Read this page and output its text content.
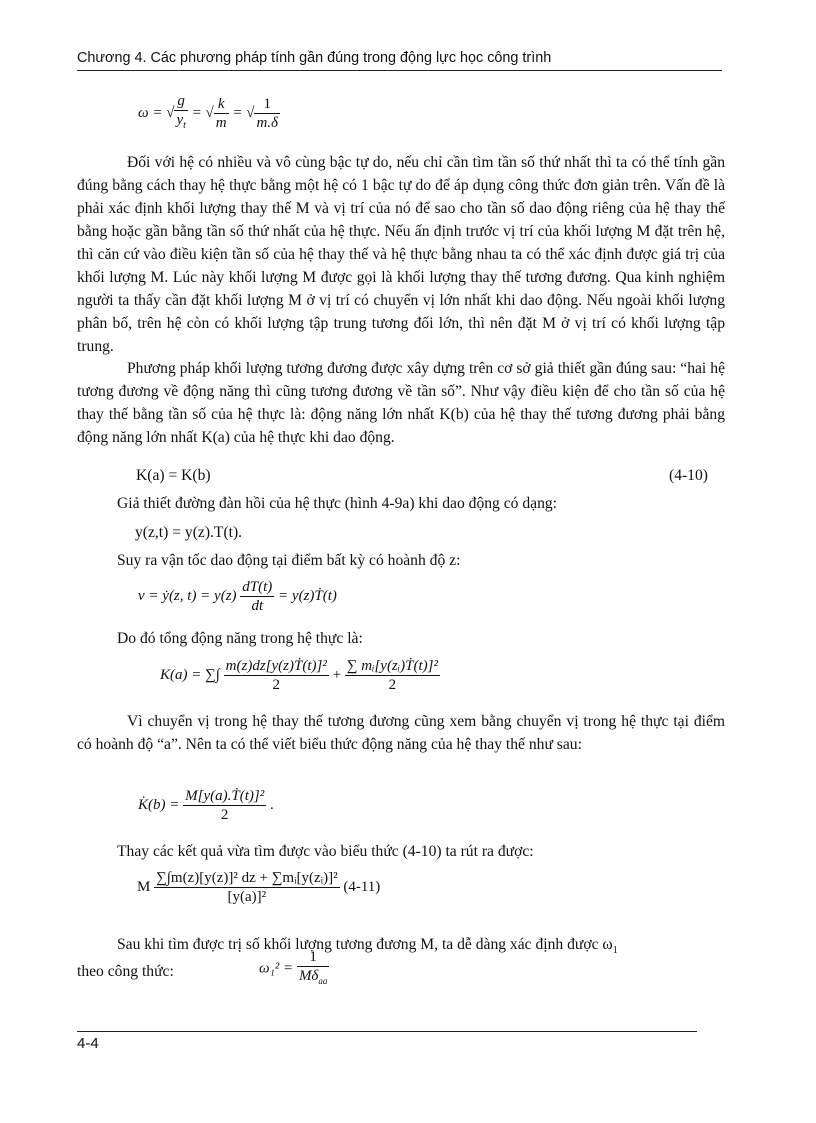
Chương 4. Các phương pháp tính gần đúng trong động lực học công trình
ω = √ $\frac{g}{y_t}$ = √ $\frac{k}{m}$ = √ $\frac{1}{m.\delta}$

Đối với hệ có nhiều và vô cùng bậc tự do, nếu chỉ cần tìm tần số thứ nhất thì ta có thể tính gần đúng bằng cách thay hệ thực bằng một hệ có 1 bậc tự do để áp dụng công thức đơn giản trên. Vấn đề là phải xác định khối lượng thay thế M và vị trí của nó để sao cho tần số dao động riêng của hệ thay thế bằng hoặc gần bằng tần số thứ nhất của hệ thực. Nếu ấn định trước vị trí của khối lượng M đặt trên hệ, thì căn cứ vào điều kiện tần số của hệ thay thế và hệ thực bằng nhau ta có thể xác định được giá trị của khối lượng M. Lúc này khối lượng M được gọi là khối lượng thay thế tương đương. Qua kinh nghiệm người ta thấy cần đặt khối lượng M ở vị trí có chuyển vị lớn nhất khi dao động. Nếu ngoài khối lượng phân bố, trên hệ còn có khối lượng tập trung tương đối lớn, thì nên đặt M ở vị trí có khối lượng tập trung.

Phương pháp khối lượng tương đương được xây dựng trên cơ sở giả thiết gần đúng sau: “hai hệ tương đương về động năng thì cũng tương đương về tần số”. Như vậy điều kiện để cho tần số của hệ thay thế bằng tần số của hệ thực là: động năng lớn nhất K(b) của hệ thay thế tương đương phải bằng động năng lớn nhất K(a) của hệ thực khi dao động.

K(a) = K(b)	(4-10)
Giả thiết đường đàn hồi của hệ thực (hình 4-9a) khi dao động có dạng:
y(z,t) = y(z).T(t).
Suy ra vận tốc dao động tại điểm bất kỳ có hoành độ z:
v = ẏ(z, $t) = y(z) \frac{dT(t)}{dt}$ = y(z)Ṫ(t)
Do đó tổng động năng trong hệ thực là:
K(a) = ∑∫ $\frac{\text{m(z)dz[y(z)Ṫ(t)]²}}{2} + \frac{\text{∑ mᵢ[y(zᵢ)Ṫ(t)]²}}{2}$

Vì chuyển vị trong hệ thay thế tương đương cũng xem bằng chuyển vị trong hệ thực tại điểm có hoành độ “a”. Nên ta có thể viết biểu thức động năng của hệ thay thế như sau:

K̇(b) = $\frac{\text{M[y(a).Ṫ(t)]²}}{2}$ .
Thay các kết quả vừa tìm được vào biểu thức (4-10) ta rút ra được:
M $\frac{\text{∑∫m(z)[y(z)]² dz + ∑mᵢ[y(zᵢ)]²}}{\text{[y(a)]²}} (4-11)$
Sau khi tìm được trị số khối lượng tương đương M, ta dễ dàng xác định được $\omega_1$
theo công thức:	$\omega_1^2 = \frac{1}{M\delta_{aa}}$
4-4
